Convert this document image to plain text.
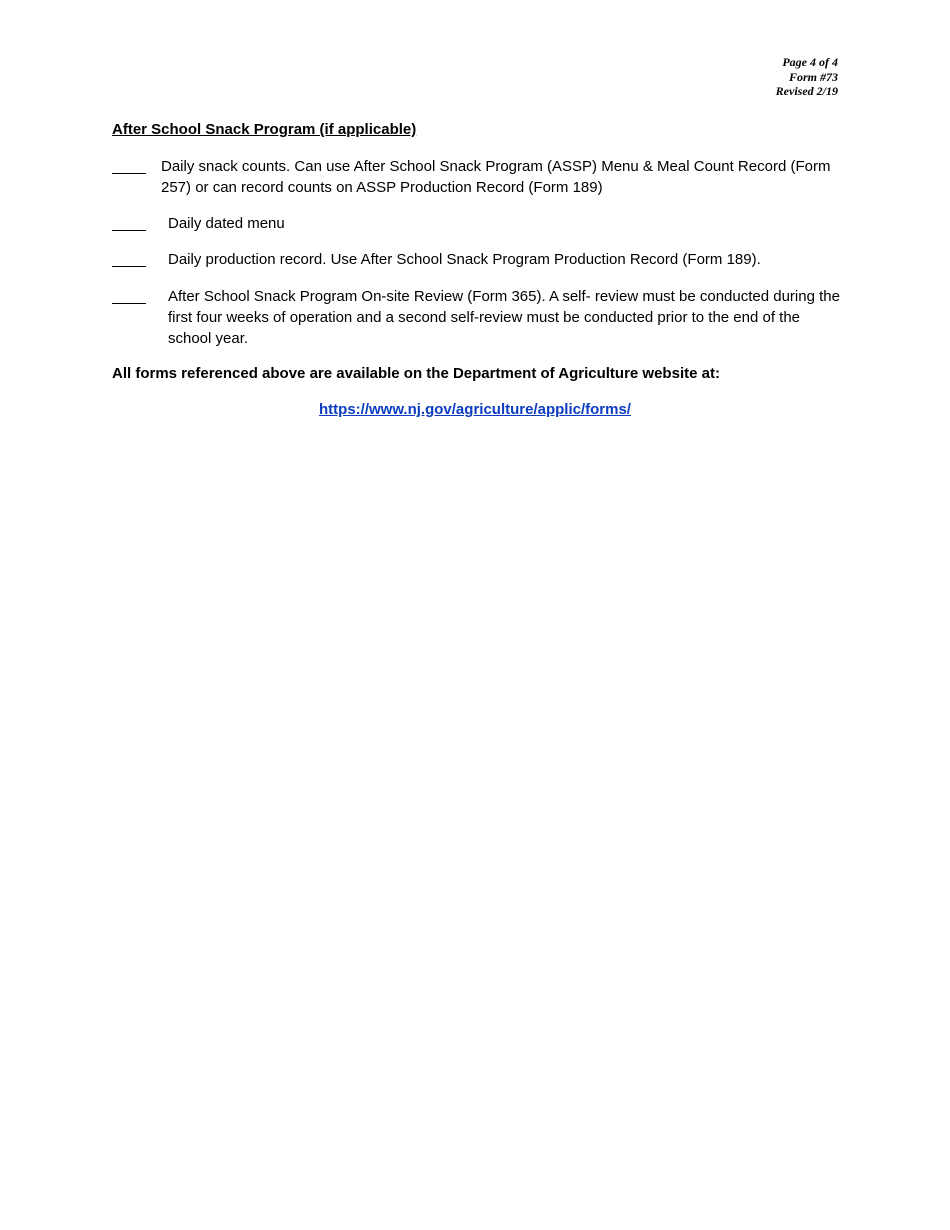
Page 4 of 4
Form #73
Revised 2/19
After School Snack Program (if applicable)
Daily snack counts. Can use After School Snack Program (ASSP) Menu & Meal Count Record (Form 257) or can record counts on ASSP Production Record (Form 189)
Daily dated menu
Daily production record. Use After School Snack Program Production Record (Form 189).
After School Snack Program On-site Review (Form 365). A self- review must be conducted during the first four weeks of operation and a second self-review must be conducted prior to the end of the school year.
All forms referenced above are available on the Department of Agriculture website at:
https://www.nj.gov/agriculture/applic/forms/
